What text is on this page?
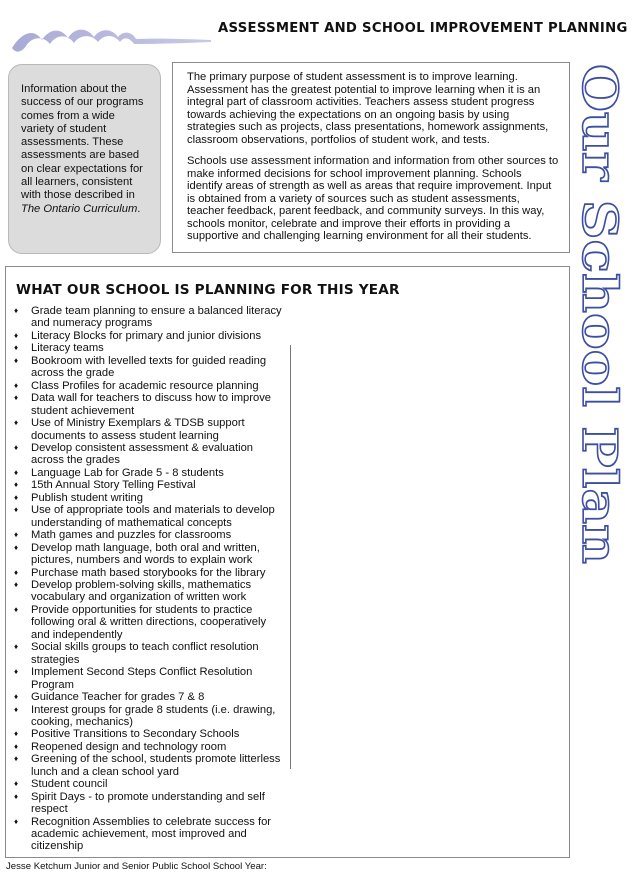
ASSESSMENT AND SCHOOL IMPROVEMENT PLANNING
Information about the success of our programs comes from a wide variety of student assessments. These assessments are based on clear expectations for all learners, consistent with those described in The Ontario Curriculum.

The primary purpose of student assessment is to improve learning. Assessment has the greatest potential to improve learning when it is an integral part of classroom activities. Teachers assess student progress towards achieving the expectations on an ongoing basis by using strategies such as projects, class presentations, homework assignments, classroom observations, portfolios of student work, and tests.

Schools use assessment information and information from other sources to make informed decisions for school improvement planning. Schools identify areas of strength as well as areas that require improvement. Input is obtained from a variety of sources such as student assessments, teacher feedback, parent feedback, and community surveys. In this way, schools monitor, celebrate and improve their efforts in providing a supportive and challenging learning environment for all their students. Our School Plan
WHAT OUR SCHOOL IS PLANNING FOR THIS YEAR
♦ Grade team planning to ensure a balanced literacy and numeracy programs
♦ Literacy Blocks for primary and junior divisions
♦ Literacy teams
♦ Bookroom with levelled texts for guided reading across the grade
♦ Class Profiles for academic resource planning
♦ Data wall for teachers to discuss how to improve student achievement
♦ Use of Ministry Exemplars & TDSB support documents to assess student learning
♦ Develop consistent assessment & evaluation across the grades
♦ Language Lab for Grade 5 - 8 students
♦ 15th Annual Story Telling Festival
♦ Publish student writing
♦ Use of appropriate tools and materials to develop understanding of mathematical concepts
♦ Math games and puzzles for classrooms
♦ Develop math language, both oral and written, pictures, numbers and words to explain work
♦ Purchase math based storybooks for the library
♦ Develop problem-solving skills, mathematics vocabulary and organization of written work
♦ Provide opportunities for students to practice following oral & written directions, cooperatively and independently
♦ Social skills groups to teach conflict resolution strategies
♦ Implement Second Steps Conflict Resolution Program
♦ Guidance Teacher for grades 7 & 8
♦ Interest groups for grade 8 students (i.e. drawing, cooking, mechanics)
♦ Positive Transitions to Secondary Schools
♦ Reopened design and technology room
♦ Greening of the school, students promote litterless lunch and a clean school yard
♦ Student council
♦ Spirit Days - to promote understanding and self respect
♦ Recognition Assemblies to celebrate success for academic achievement, most improved and citizenship
Jesse Ketchum Junior and Senior Public School School Year:
